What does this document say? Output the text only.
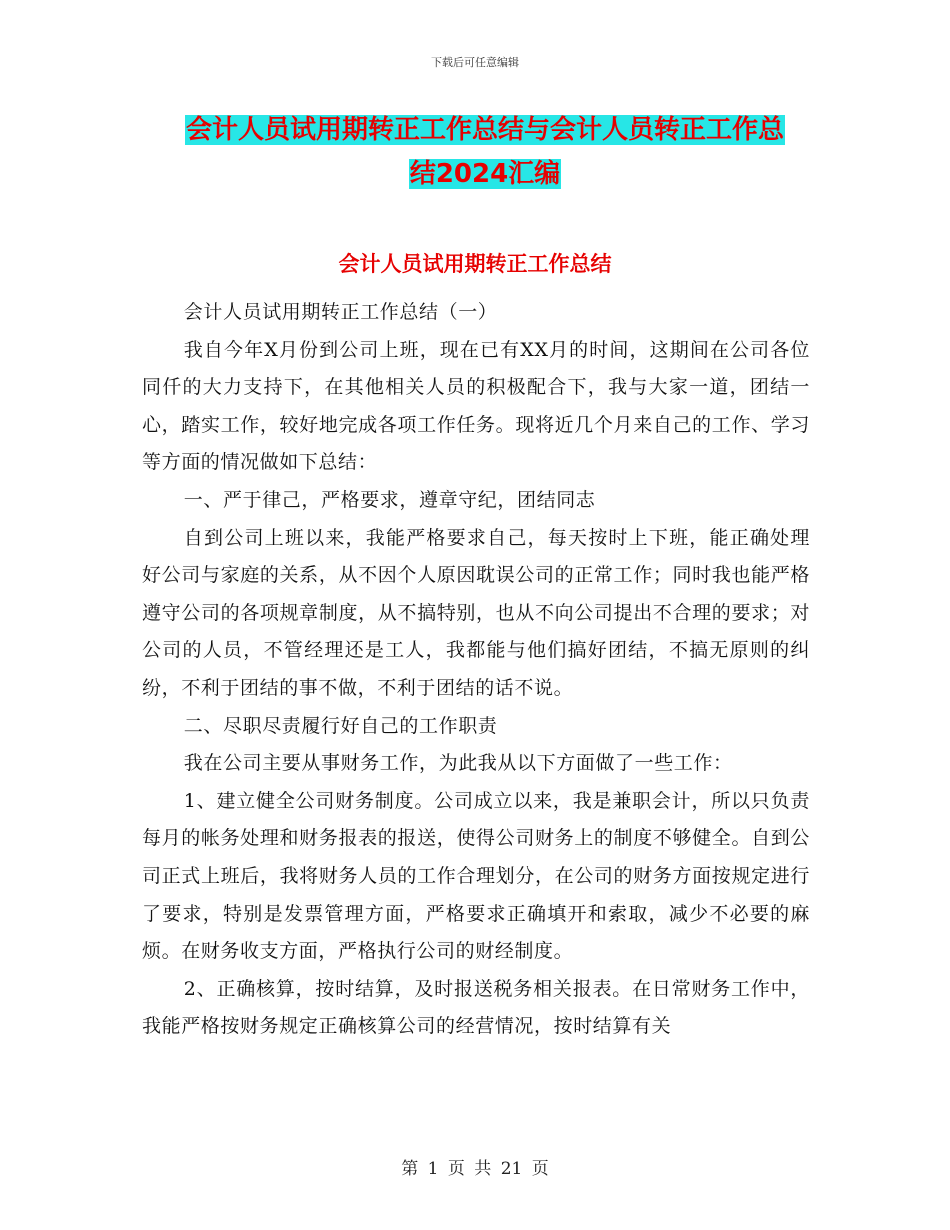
下载后可任意编辑
会计人员试用期转正工作总结与会计人员转正工作总
结2024汇编
会计人员试用期转正工作总结

会计人员试用期转正工作总结（一）

我自今年X月份到公司上班，现在已有XX月的时间，这期间在公司各位同仟的大力支持下，在其他相关人员的积极配合下，我与大家一道，团结一心，踏实工作，较好地完成各项工作任务。现将近几个月来自己的工作、学习等方面的情况做如下总结：

一、严于律己，严格要求，遵章守纪，团结同志

自到公司上班以来，我能严格要求自己，每天按时上下班，能正确处理好公司与家庭的关系，从不因个人原因耽误公司的正常工作；同时我也能严格遵守公司的各项规章制度，从不搞特别，也从不向公司提出不合理的要求；对公司的人员，不管经理还是工人，我都能与他们搞好团结，不搞无原则的纠纷，不利于团结的事不做，不利于团结的话不说。

二、尽职尽责履行好自己的工作职责

我在公司主要从事财务工作，为此我从以下方面做了一些工作：

1、建立健全公司财务制度。公司成立以来，我是兼职会计，所以只负责每月的帐务处理和财务报表的报送，使得公司财务上的制度不够健全。自到公司正式上班后，我将财务人员的工作合理划分，在公司的财务方面按规定进行了要求，特别是发票管理方面，严格要求正确填开和索取，减少不必要的麻烦。在财务收支方面，严格执行公司的财经制度。

2、正确核算，按时结算，及时报送税务相关报表。在日常财务工作中，我能严格按财务规定正确核算公司的经营情况，按时结算有关

第 1 页 共 21 页
